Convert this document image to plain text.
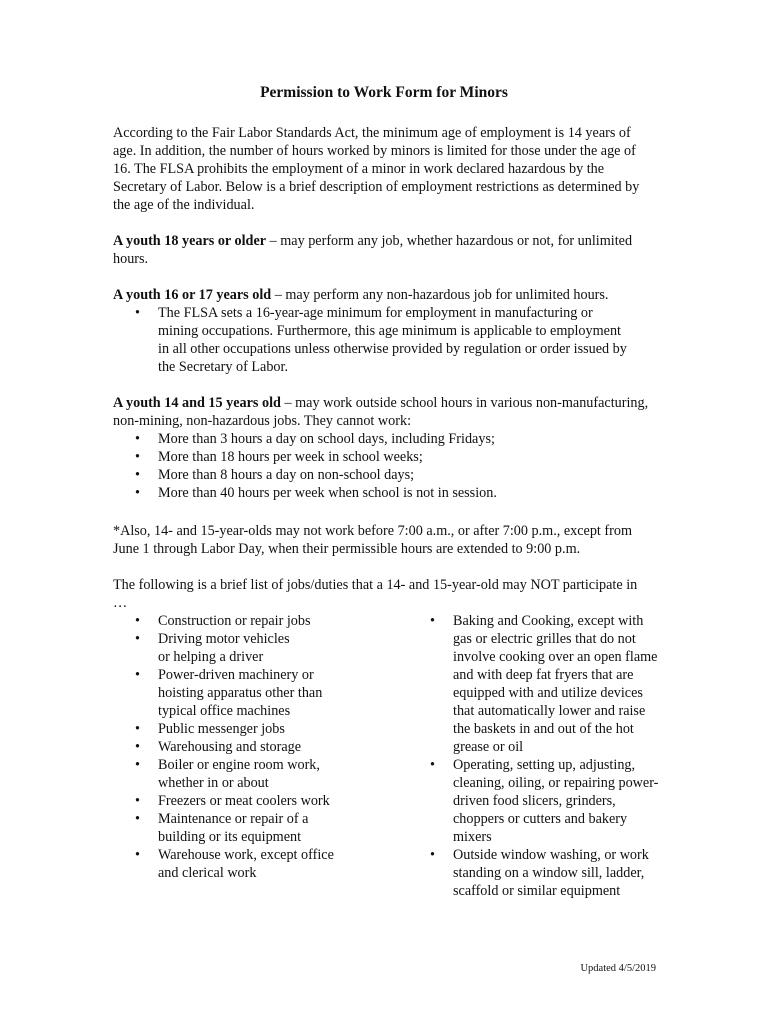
Permission to Work Form for Minors

According to the Fair Labor Standards Act, the minimum age of employment is 14 years of age. In addition, the number of hours worked by minors is limited for those under the age of 16. The FLSA prohibits the employment of a minor in work declared hazardous by the Secretary of Labor. Below is a brief description of employment restrictions as determined by the age of the individual.

A youth 18 years or older – may perform any job, whether hazardous or not, for unlimited hours.

A youth 16 or 17 years old – may perform any non-hazardous job for unlimited hours.

• The FLSA sets a 16-year-age minimum for employment in manufacturing or mining occupations. Furthermore, this age minimum is applicable to employment in all other occupations unless otherwise provided by regulation or order issued by the Secretary of Labor.

A youth 14 and 15 years old – may work outside school hours in various non-manufacturing, non-mining, non-hazardous jobs. They cannot work:

• More than 3 hours a day on school days, including Fridays;
• More than 18 hours per week in school weeks;
• More than 8 hours a day on non-school days;
• More than 40 hours per week when school is not in session.

*Also, 14- and 15-year-olds may not work before 7:00 a.m., or after 7:00 p.m., except from June 1 through Labor Day, when their permissible hours are extended to 9:00 p.m.

The following is a brief list of jobs/duties that a 14- and 15-year-old may NOT participate in …

• Construction or repair jobs
• Driving motor vehicles or helping a driver
• Power-driven machinery or hoisting apparatus other than typical office machines
• Public messenger jobs
• Warehousing and storage
• Boiler or engine room work, whether in or about
• Freezers or meat coolers work
• Maintenance or repair of a building or its equipment
• Warehouse work, except office and clerical work
• Baking and Cooking, except with gas or electric grilles that do not involve cooking over an open flame and with deep fat fryers that are equipped with and utilize devices that automatically lower and raise the baskets in and out of the hot grease or oil
• Operating, setting up, adjusting, cleaning, oiling, or repairing power-driven food slicers, grinders, choppers or cutters and bakery mixers
• Outside window washing, or work standing on a window sill, ladder, scaffold or similar equipment
Updated 4/5/2019
